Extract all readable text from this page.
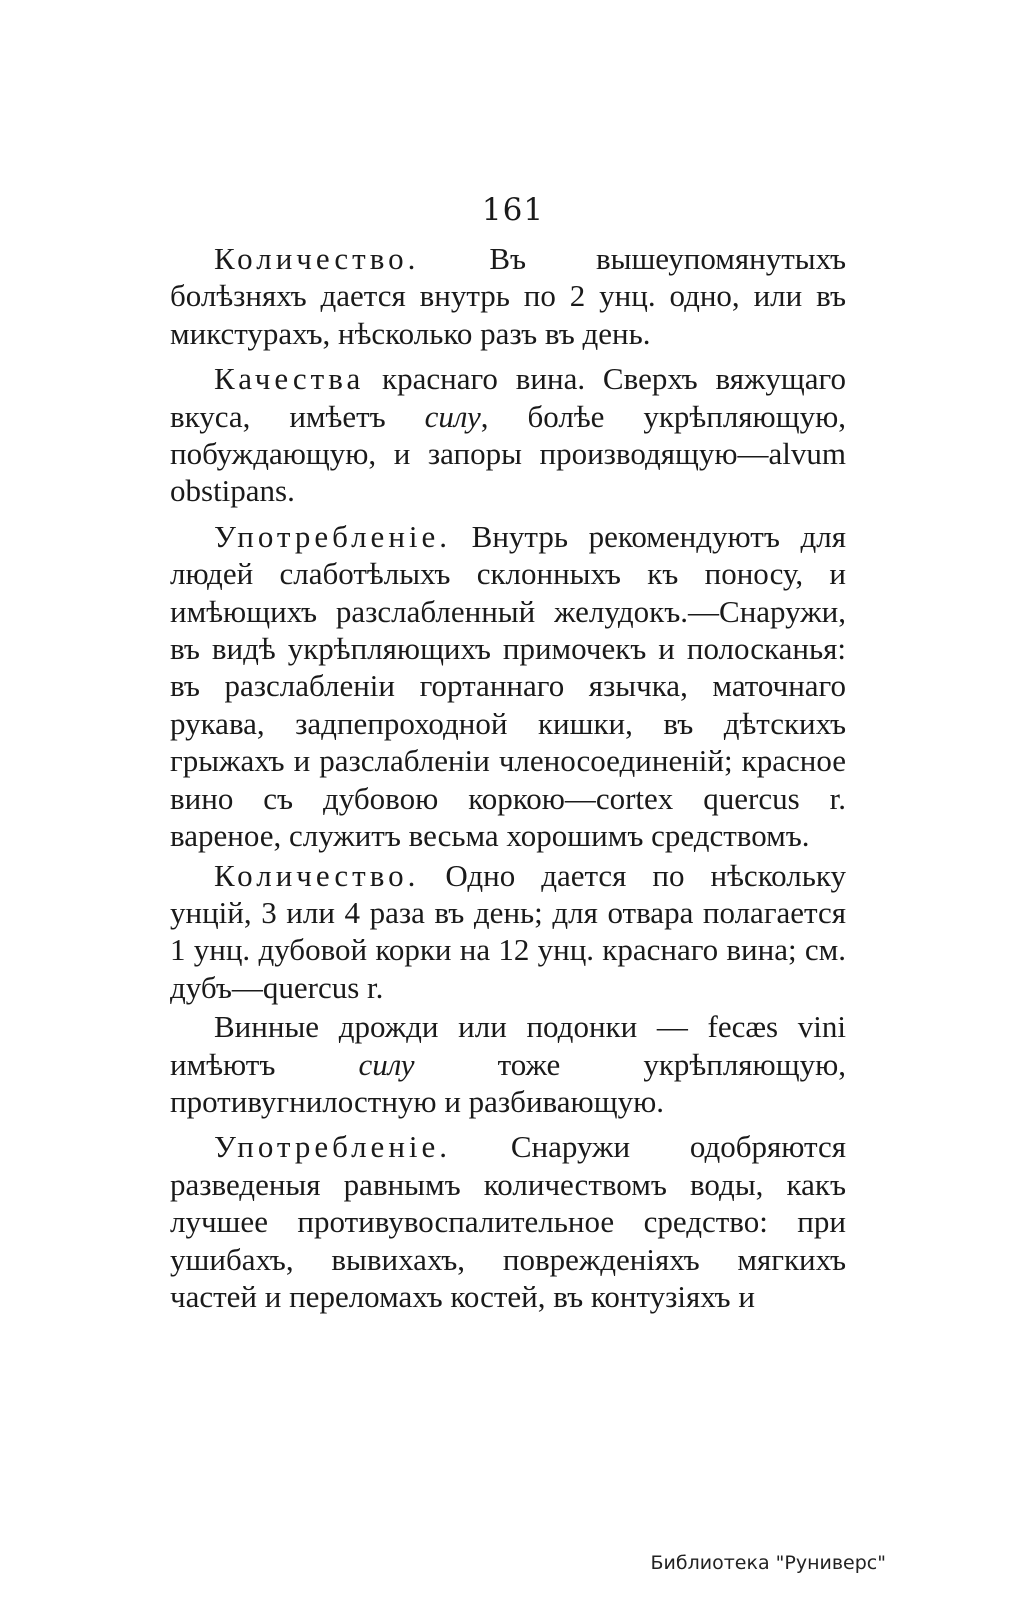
161

Количество. Въ вышеупомянутыхъ болѣзняхъ дается внутрь по 2 унц. одно, или въ микстурахъ, нѣсколько разъ въ день.

Качества краснаго вина. Сверхъ вяжущаго вкуса, имѣетъ силу, болѣе укрѣпляющую, побуждающую, и запоры производящую—alvum obstipans.

Употребленіе. Внутрь рекомендуютъ для людей слаботѣлыхъ склонныхъ къ поносу, и имѣющихъ разслабленный желудокъ.—Снаружи, въ видѣ укрѣпляющихъ примочекъ и полосканья: въ разслабленіи гортаннаго язычка, маточнаго рукава, задпепроходной кишки, въ дѣтскихъ грыжахъ и разслабленіи членосоединеній; красное вино съ дубовою коркою—cortex quercus r. вареное, служитъ весьма хорошимъ средствомъ.

Количество. Одно дается по нѣскольку унцій, 3 или 4 раза въ день; для отвара полагается 1 унц. дубовой корки на 12 унц. краснаго вина; см. дубъ—quercus r.

Винные дрожди или подонки — fecæs vini имѣютъ силу тоже укрѣпляющую, противугнилостную и разбивающую.

Употребленіе. Снаружи одобряются разведеныя равнымъ количествомъ воды, какъ лучшее противувоспалительное средство: при ушибахъ, вывихахъ, поврежденіяхъ мягкихъ частей и переломахъ костей, въ контузіяхъ и

Библиотека "Руниверс"
